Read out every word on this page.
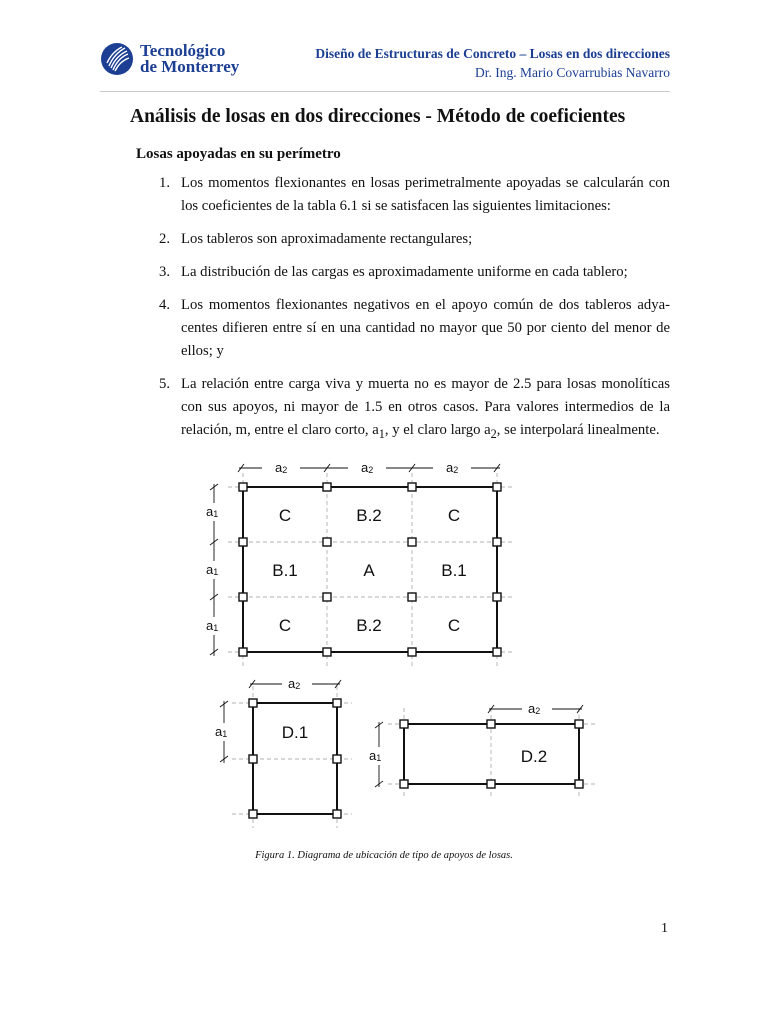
Tecnológico
de Monterrey
Diseño de Estructuras de Concreto – Losas en dos direcciones
Dr. Ing. Mario Covarrubias Navarro
Análisis de losas en dos direcciones - Método de coeficientes
Losas apoyadas en su perímetro
1. Los momentos flexionantes en losas perimetralmente apoyadas se calcularán con los coeficientes de la tabla 6.1 si se satisfacen las siguientes limitaciones:
2. Los tableros son aproximadamente rectangulares;
3. La distribución de las cargas es aproximadamente uniforme en cada tablero;
4. Los momentos flexionantes negativos en el apoyo común de dos tableros adyacentes difieren entre sí en una cantidad no mayor que 50 por ciento del menor de ellos; y
5. La relación entre carga viva y muerta no es mayor de 2.5 para losas monolíticas con sus apoyos, ni mayor de 1.5 en otros casos. Para valores intermedios de la relación, m, entre el claro corto, $a_1$, y el claro largo $a_2$, se interpolará linealmente.
a2	a2	a2
a1
a1
a1
C	B.2	C
B.1	A	B.1
C	B.2	C
a2
a1	D.1
a2
a1	D.2
Figura 1. Diagrama de ubicación de tipo de apoyos de losas.
1
